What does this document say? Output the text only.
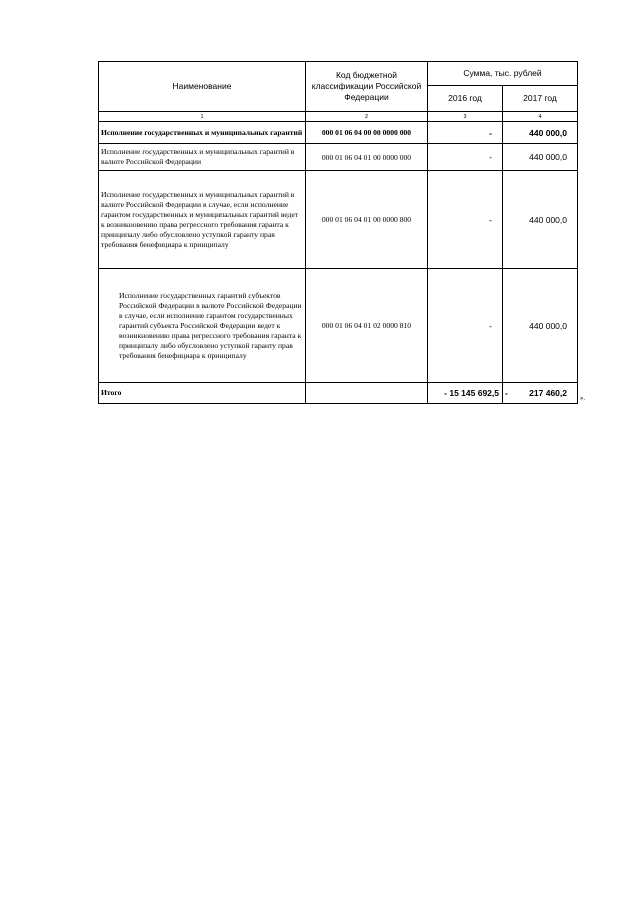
Наименование	Код бюджетной классификации Российской Федерации	Сумма, тыс. рублей	
		2016 год	2017 год
1	2	3	4
Исполнение государственных и муниципальных гарантий	000 01 06 04 00 00 0000 000	-	440 000,0
Исполнение государственных и муниципальных гарантий в валюте Российской Федерации	000 01 06 04 01 00 0000 000	-	440 000,0
Исполнение государственных и муниципальных гарантий в валюте Российской Федерации в случае, если исполнение гарантом государственных и муниципальных гарантий ведет к возникновению права регрессного требования гаранта к принципалу либо обусловлено уступкой гаранту прав требования бенефициара к принципалу	000 01 06 04 01 00 0000 800	-	440 000,0
Исполнение государственных гарантий субъектов Российской Федерации в валюте Российской Федерации в случае, если исполнение гарантом государственных гарантий субъекта Российской Федерации ведет к возникновению права регрессного требования гаранта к принципалу либо обусловлено уступкой гаранту прав требования бенефициара к принципалу	000 01 06 04 01 02 0000 810	-	440 000,0
Итого		- 15 145 692,5	- 217 460,2
».
